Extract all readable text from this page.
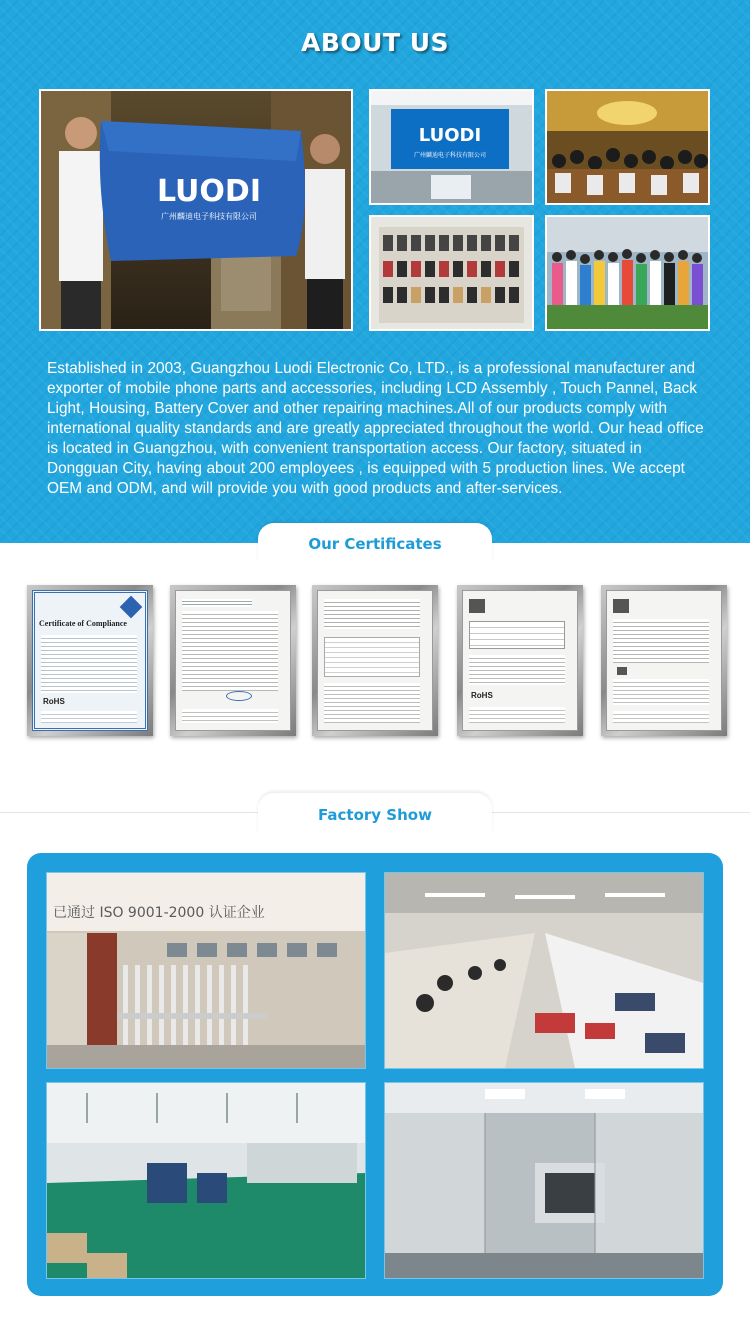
ABOUT US
LUODI
广州麟迪电子科技有限公司
LUODI
广州麟迪电子科技有限公司

Established in 2003, Guangzhou Luodi Electronic Co, LTD., is a professional manufacturer and exporter of mobile phone parts and accessories, including LCD Assembly , Touch Pannel, Back Light, Housing, Battery Cover and other repairing machines.All of our products comply with international quality standards and are greatly appreciated throughout the world. Our head office is located in Guangzhou, with convenient transportation access. Our factory, situated in Dongguan City, having about 200 employees , is equipped with 5 production lines. We accept OEM and ODM, and will provide you with good products and after-services.

Our Certificates
Certificate of Compliance
RoHS
RoHS
Factory Show
已通过 ISO 9001-2000 认证企业
